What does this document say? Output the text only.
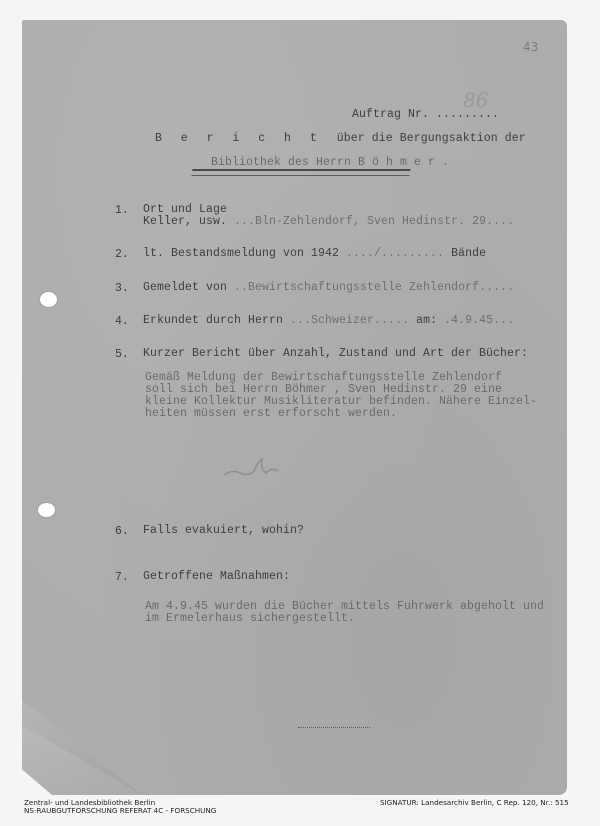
43
86
Auftrag Nr. .........
B e r i c h t über die Bergungsaktion der
Bibliothek des Herrn B ö h m e r .
1. Ort und Lage
Keller, usw. ...Bln-Zehlendorf, Sven Hedinstr. 29....
2. lt. Bestandsmeldung von 1942 ..../......... Bände
3. Gemeldet von ..Bewirtschaftungsstelle Zehlendorf.....
4. Erkundet durch Herrn ...Schweizer..... am: .4.9.45...
5. Kurzer Bericht über Anzahl, Zustand und Art der Bücher:
Gemäß Meldung der Bewirtschaftungsstelle Zehlendorf
soll sich bei Herrn Böhmer , Sven Hedinstr. 29 eine
kleine Kollektur Musikliteratur befinden. Nähere Einzel-
heiten müssen erst erforscht werden.
6. Falls evakuiert, wohin?
7. Getroffene Maßnahmen:
Am 4.9.45 wurden die Bücher mittels Fuhrwerk abgeholt und
im Ermelerhaus sichergestellt.
Zentral- und Landesbibliothek Berlin
NS-RAUBGUTFORSCHUNG REFERAT 4C - FORSCHUNG
SIGNATUR: Landesarchiv Berlin, C Rep. 120, Nr.: 515
